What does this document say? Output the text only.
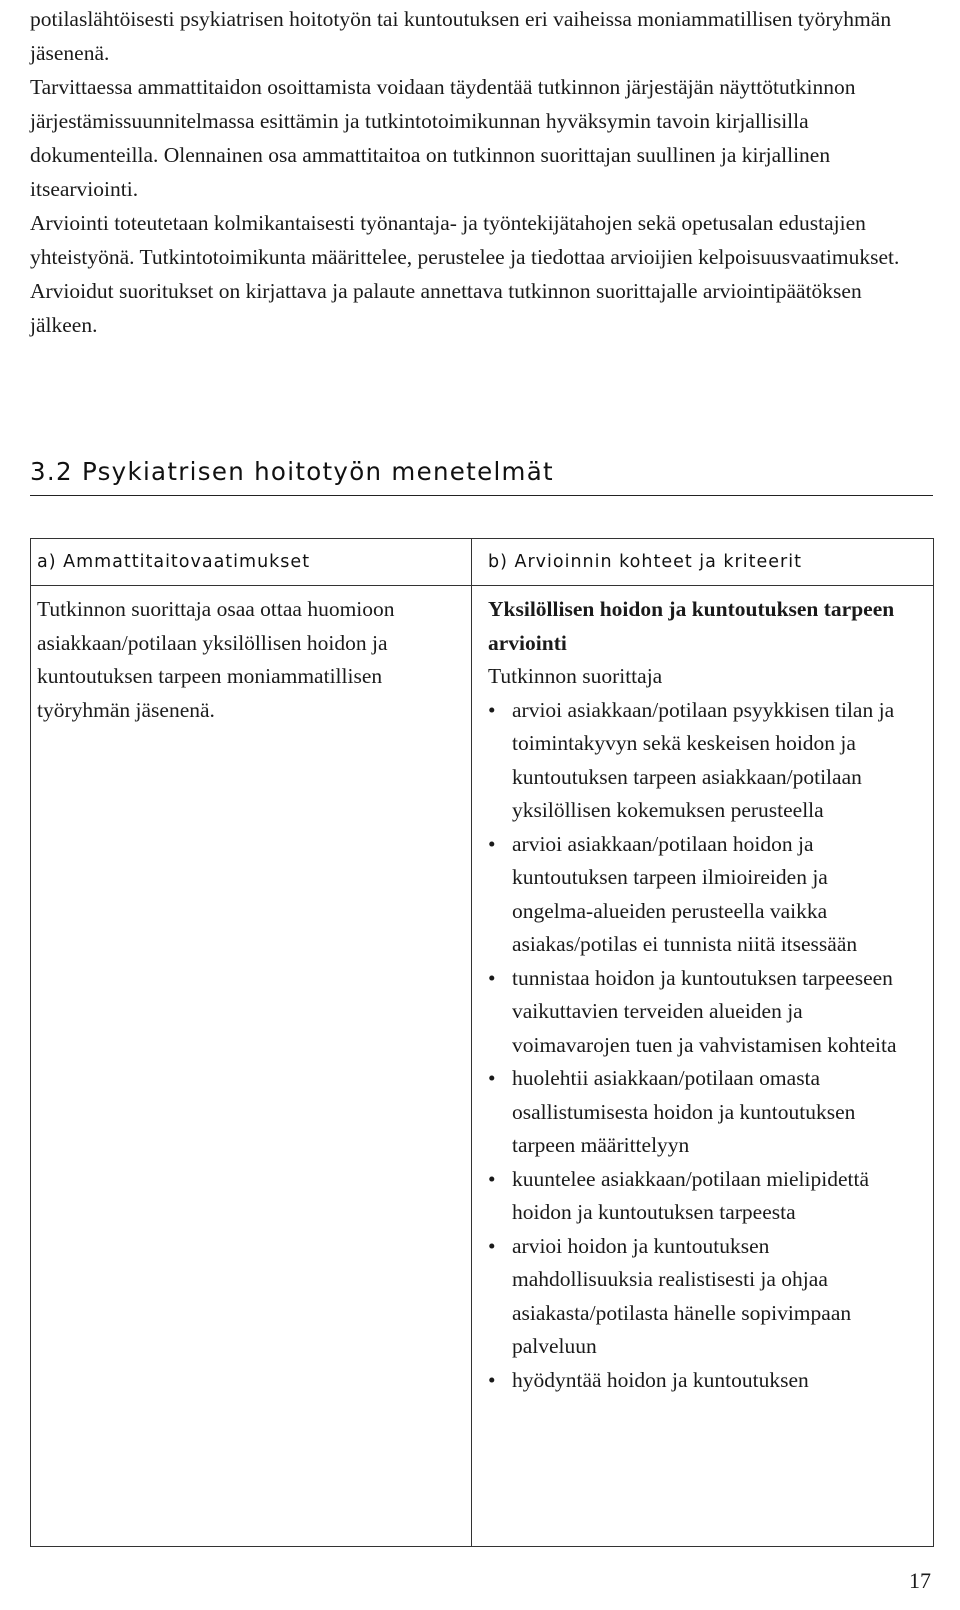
potilaslähtöisesti psykiatrisen hoitotyön tai kuntoutuksen eri vaiheissa moniammatillisen työryhmän jäsenenä.

Tarvittaessa ammattitaidon osoittamista voidaan täydentää tutkinnon järjestäjän näyttötutkinnon järjestämissuunnitelmassa esittämin ja tutkintotoimikunnan hyväksymin tavoin kirjallisilla dokumenteilla. Olennainen osa ammattitaitoa on tutkinnon suorittajan suullinen ja kirjallinen itsearviointi.

Arviointi toteutetaan kolmikantaisesti työnantaja- ja työntekijätahojen sekä opetusalan edustajien yhteistyönä. Tutkintotoimikunta määrittelee, perustelee ja tiedottaa arvioijien kelpoisuusvaatimukset.

Arvioidut suoritukset on kirjattava ja palaute annettava tutkinnon suorittajalle arviointipäätöksen jälkeen.

3.2 Psykiatrisen hoitotyön menetelmät
a) Ammattitaitovaatimukset	b) Arvioinnin kohteet ja kriteerit

Tutkinnon suorittaja osaa ottaa huomioon asiakkaan/potilaan yksilöllisen hoidon ja kuntoutuksen tarpeen moniammatillisen työryhmän jäsenenä.

Yksilöllisen hoidon ja kuntoutuksen tarpeen arviointi

Tutkinnon suorittaja

• arvioi asiakkaan/potilaan psyykkisen tilan ja toimintakyvyn sekä keskeisen hoidon ja kuntoutuksen tarpeen asiakkaan/potilaan yksilöllisen kokemuksen perusteella
• arvioi asiakkaan/potilaan hoidon ja kuntoutuksen tarpeen ilmioireiden ja ongelma-alueiden perusteella vaikka asiakas/potilas ei tunnista niitä itsessään
• tunnistaa hoidon ja kuntoutuksen tarpeeseen vaikuttavien terveiden alueiden ja voimavarojen tuen ja vahvistamisen kohteita
• huolehtii asiakkaan/potilaan omasta osallistumisesta hoidon ja kuntoutuksen tarpeen määrittelyyn
• kuuntelee asiakkaan/potilaan mielipidettä hoidon ja kuntoutuksen tarpeesta
• arvioi hoidon ja kuntoutuksen mahdollisuuksia realistisesti ja ohjaa asiakasta/potilasta hänelle sopivimpaan palveluun
• hyödyntää hoidon ja kuntoutuksen
17
